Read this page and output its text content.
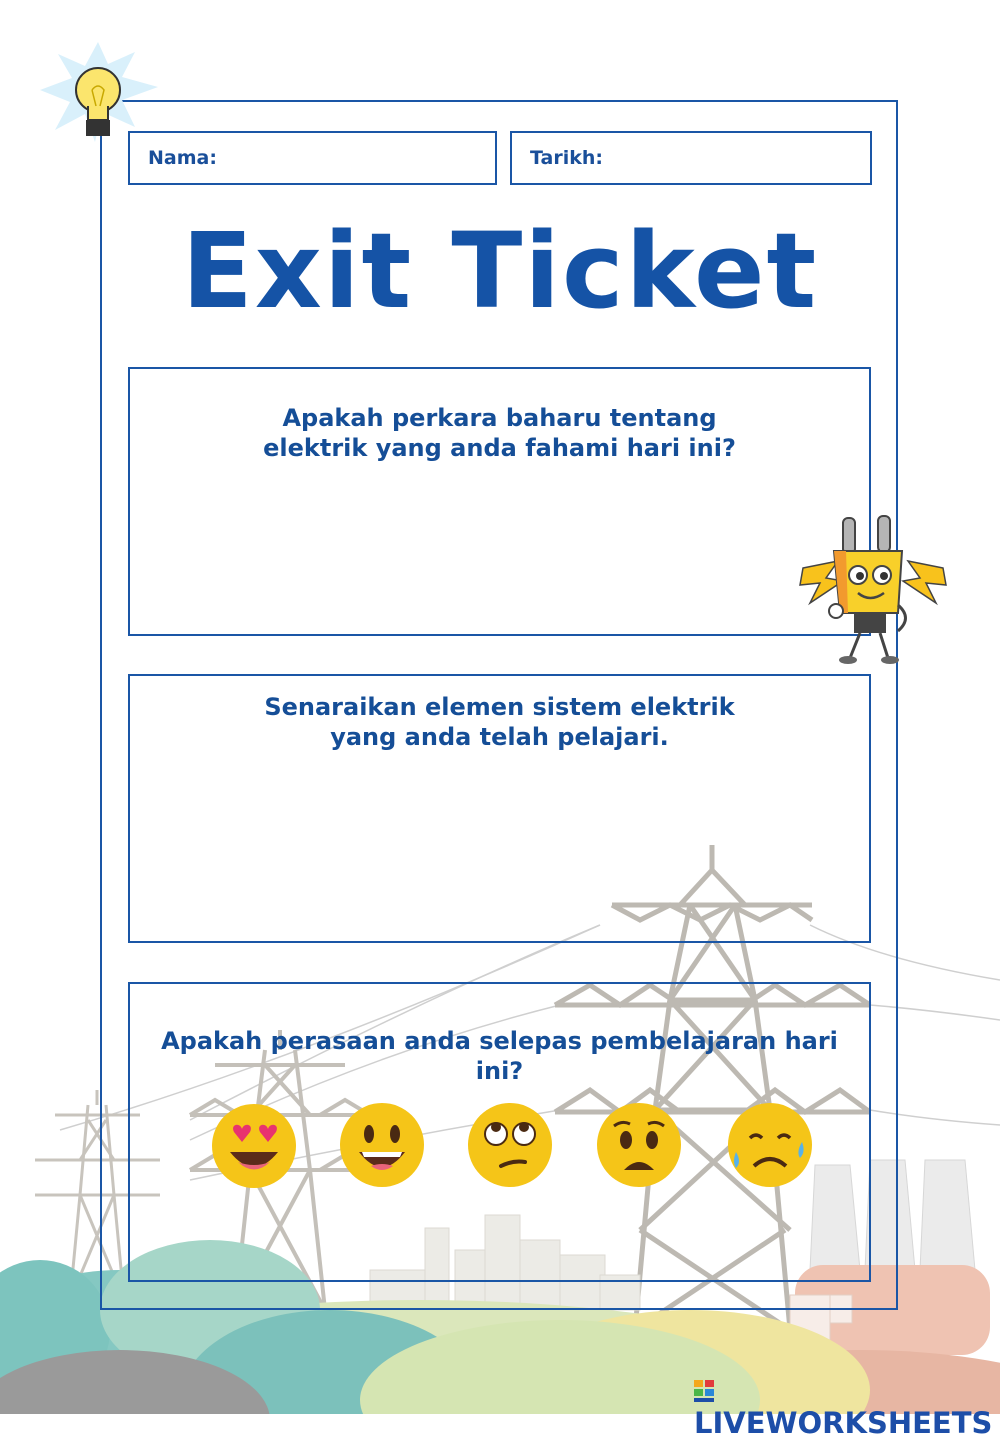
Nama:	Tarikh:
Exit Ticket
Apakah perkara baharu tentang elektrik yang anda fahami hari ini?
Senaraikan elemen sistem elektrik yang anda telah pelajari.
Apakah perasaan anda selepas pembelajaran hari ini?
LIVEWORKSHEETS
